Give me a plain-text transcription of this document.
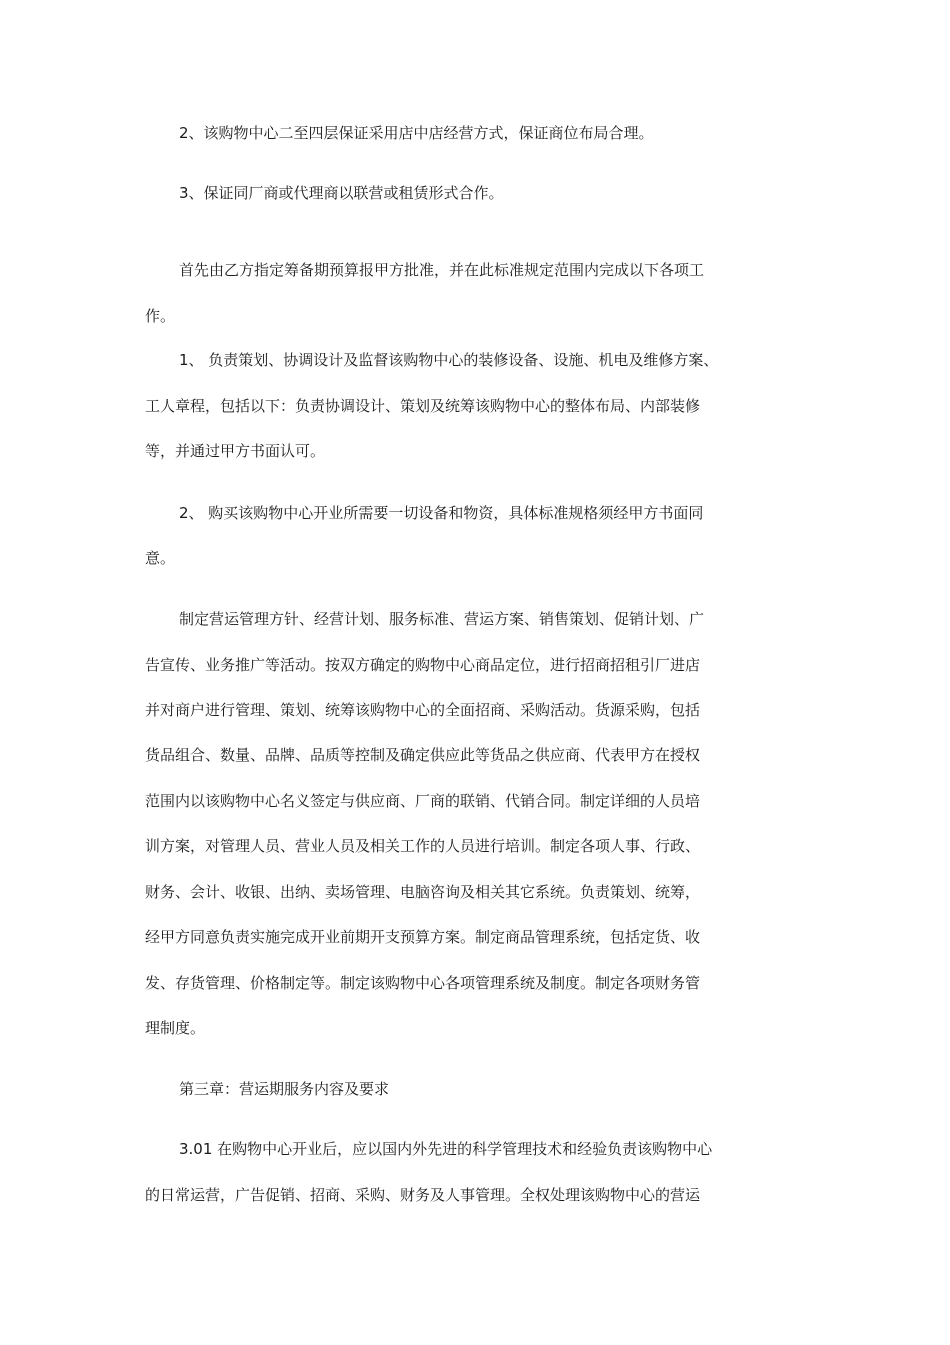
2、该购物中心二至四层保证采用店中店经营方式，保证商位布局合理。
3、保证同厂商或代理商以联营或租赁形式合作。
首先由乙方指定筹备期预算报甲方批准，并在此标准规定范围内完成以下各项工
作。
1、 负责策划、协调设计及监督该购物中心的装修设备、设施、机电及维修方案、
工人章程，包括以下：负责协调设计、策划及统筹该购物中心的整体布局、内部装修
等，并通过甲方书面认可。
2、 购买该购物中心开业所需要一切设备和物资，具体标准规格须经甲方书面同
意。
制定营运管理方针、经营计划、服务标准、营运方案、销售策划、促销计划、广
告宣传、业务推广等活动。按双方确定的购物中心商品定位，进行招商招租引厂进店
并对商户进行管理、策划、统筹该购物中心的全面招商、采购活动。货源采购，包括
货品组合、数量、品牌、品质等控制及确定供应此等货品之供应商、代表甲方在授权
范围内以该购物中心名义签定与供应商、厂商的联销、代销合同。制定详细的人员培
训方案，对管理人员、营业人员及相关工作的人员进行培训。制定各项人事、行政、
财务、会计、收银、出纳、卖场管理、电脑咨询及相关其它系统。负责策划、统筹，
经甲方同意负责实施完成开业前期开支预算方案。制定商品管理系统，包括定货、收
发、存货管理、价格制定等。制定该购物中心各项管理系统及制度。制定各项财务管
理制度。
第三章：营运期服务内容及要求
3.01 在购物中心开业后，应以国内外先进的科学管理技术和经验负责该购物中心
的日常运营，广告促销、招商、采购、财务及人事管理。全权处理该购物中心的营运
